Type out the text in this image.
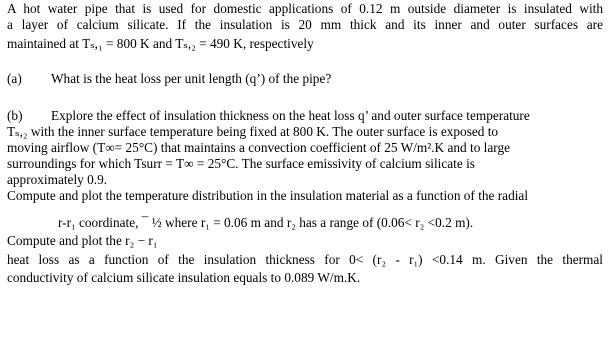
A hot water pipe that is used for domestic applications of 0.12 m outside diameter is insulated with
a layer of calcium silicate. If the insulation is 20 mm thick and its inner and outer surfaces are
maintained at Tₛ,₁ = 800 K and Tₛ,₂ = 490 K, respectively
(a) What is the heat loss per unit length (q’) of the pipe?
(b) Explore the effect of insulation thickness on the heat loss q’ and outer surface temperature
Tₛ,₂ with the inner surface temperature being fixed at 800 K. The outer surface is exposed to
moving airflow (T∞= 25°C) that maintains a convection coefficient of 25 W/m².K and to large
surroundings for which Tsurr = T∞ = 25°C. The surface emissivity of calcium silicate is
approximately 0.9.
Compute and plot the temperature distribution in the insulation material as a function of the radial
r-r₁ coordinate, ¯ ½ where r₁ = 0.06 m and r₂ has a range of (0.06< r₂ <0.2 m).
Compute and plot the r₂ − r₁
heat loss as a function of the insulation thickness for 0< (r₂ - r₁) <0.14 m. Given the thermal
conductivity of calcium silicate insulation equals to 0.089 W/m.K.
